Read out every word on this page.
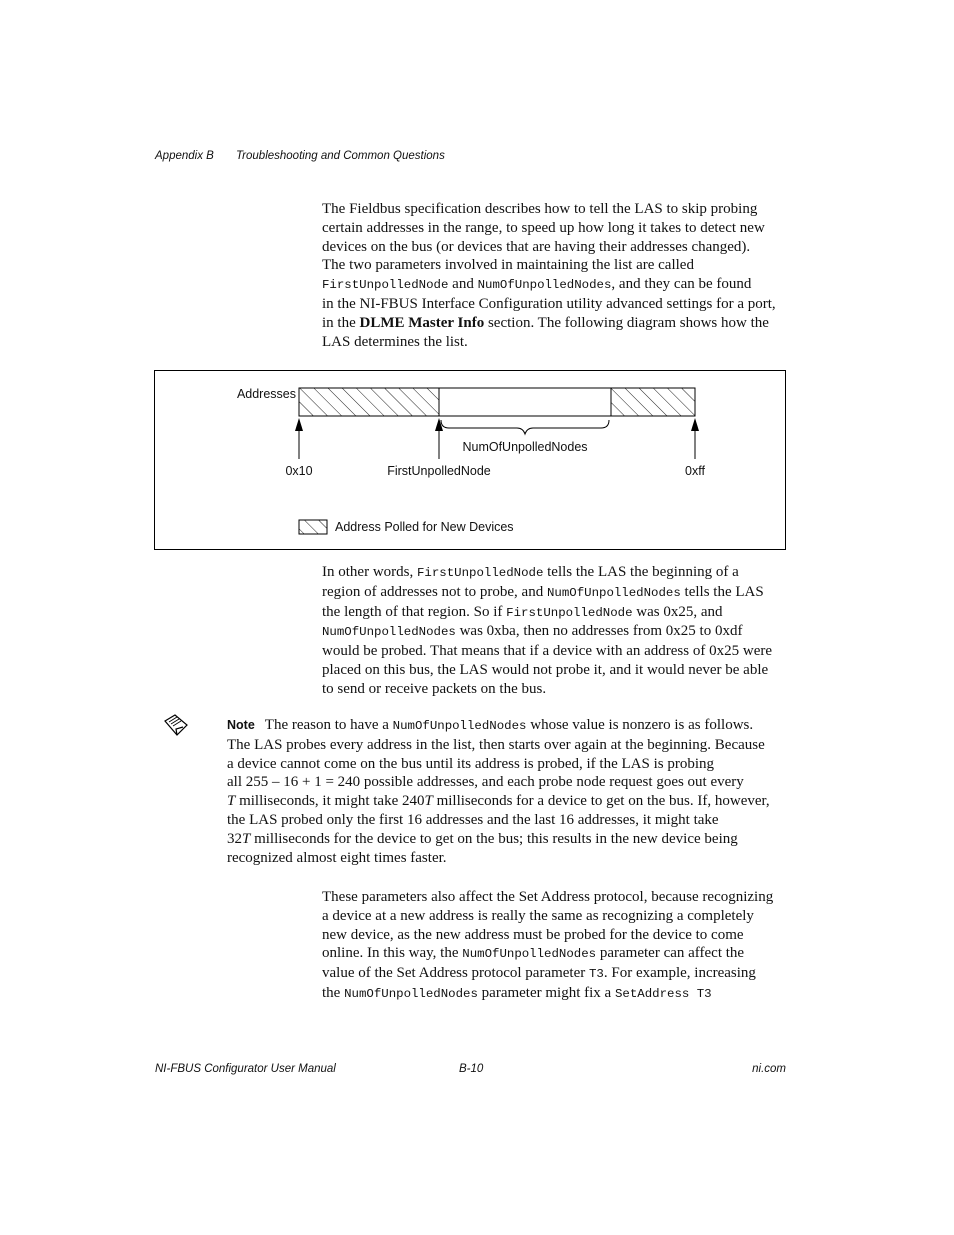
Appendix B Troubleshooting and Common Questions
The Fieldbus specification describes how to tell the LAS to skip probing
certain addresses in the range, to speed up how long it takes to detect new
devices on the bus (or devices that are having their addresses changed).
The two parameters involved in maintaining the list are called
FirstUnpolledNode and NumOfUnpolledNodes, and they can be found
in the NI-FBUS Interface Configuration utility advanced settings for a port,
in the DLME Master Info section. The following diagram shows how the
LAS determines the list.
Addresses
NumOfUnpolledNodes
0x10	FirstUnpolledNode	0xff
Address Polled for New Devices
In other words, FirstUnpolledNode tells the LAS the beginning of a
region of addresses not to probe, and NumOfUnpolledNodes tells the LAS
the length of that region. So if FirstUnpolledNode was 0x25, and
NumOfUnpolledNodes was 0xba, then no addresses from 0x25 to 0xdf
would be probed. That means that if a device with an address of 0x25 were
placed on this bus, the LAS would not probe it, and it would never be able
to send or receive packets on the bus.
Note The reason to have a NumOfUnpolledNodes whose value is nonzero is as follows.
The LAS probes every address in the list, then starts over again at the beginning. Because
a device cannot come on the bus until its address is probed, if the LAS is probing
all 255 – 16 + 1 = 240 possible addresses, and each probe node request goes out every
T milliseconds, it might take 240T milliseconds for a device to get on the bus. If, however,
the LAS probed only the first 16 addresses and the last 16 addresses, it might take
32T milliseconds for the device to get on the bus; this results in the new device being
recognized almost eight times faster.
These parameters also affect the Set Address protocol, because recognizing
a device at a new address is really the same as recognizing a completely
new device, as the new address must be probed for the device to come
online. In this way, the NumOfUnpolledNodes parameter can affect the
value of the Set Address protocol parameter T3. For example, increasing
the NumOfUnpolledNodes parameter might fix a SetAddress T3
NI-FBUS Configurator User Manual	B-10	ni.com
